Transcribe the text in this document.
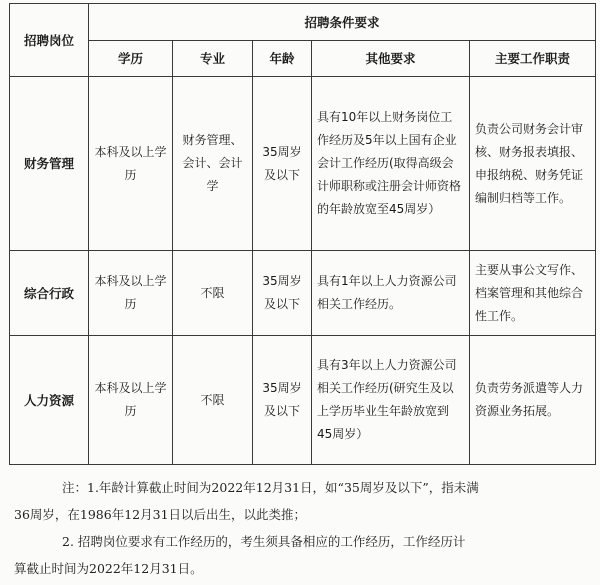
招聘岗位	招聘条件要求				
	学历	专业	年龄	其他要求	主要工作职责
财务管理	本科及以上学历	财务管理、会计、会计学	35周岁及以下	具有10年以上财务岗位工作经历及5年以上国有企业会计工作经历(取得高级会计师职称或注册会计师资格的年龄放宽至45周岁）	负责公司财务会计审核、财务报表填报、申报纳税、财务凭证编制归档等工作。
综合行政	本科及以上学历	不限	35周岁及以下	具有1年以上人力资源公司相关工作经历。	主要从事公文写作、档案管理和其他综合性工作。
人力资源	本科及以上学历	不限	35周岁及以下	具有3年以上人力资源公司相关工作经历(研究生及以上学历毕业生年龄放宽到45周岁）	负责劳务派遣等人力资源业务拓展。

注：1.年龄计算截止时间为2022年12月31日，如“35周岁及以下”，指未满

36周岁，在1986年12月31日以后出生，以此类推；

2. 招聘岗位要求有工作经历的，考生须具备相应的工作经历，工作经历计

算截止时间为2022年12月31日。
